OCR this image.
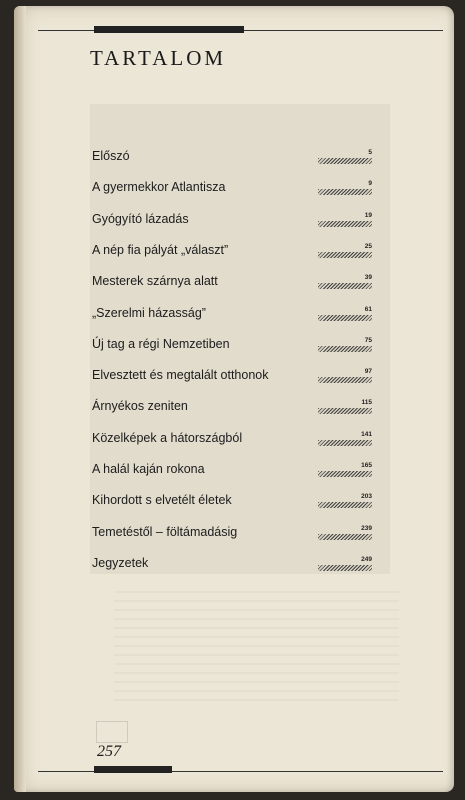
TARTALOM
Előszó	5
A gyermekkor Atlantisza	9
Gyógyító lázadás	19
A nép fia pályát „választ”	25
Mesterek szárnya alatt	39
„Szerelmi házasság”	61
Új tag a régi Nemzetiben	75
Elvesztett és megtalált otthonok	97
Árnyékos zeniten	115
Közelképek a hátországból	141
A halál kaján rokona	165
Kihordott s elvetélt életek	203
Temetéstől – föltámadásig	239
Jegyzetek	249
257
